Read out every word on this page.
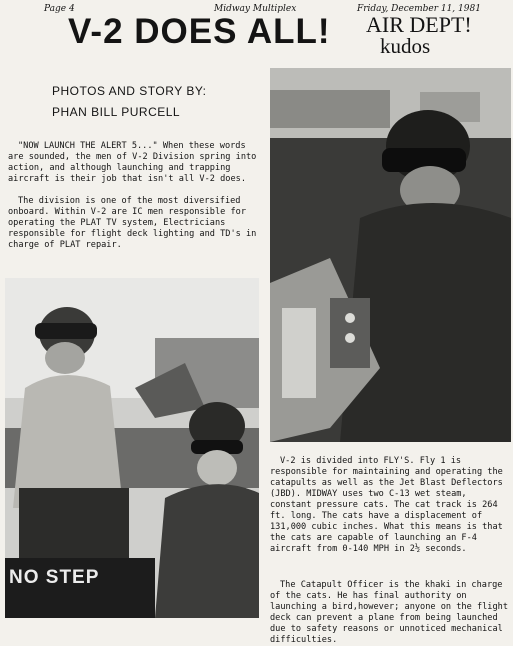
Page 4	Midway Multiplex	Friday, December 11, 1981
V-2 DOES ALL! AIR DEPT!
kudos
PHOTOS AND STORY BY:
PHAN BILL PURCELL

"NOW LAUNCH THE ALERT 5..." When these words are sounded, the men of V-2 Division spring into action, and although launching and trapping aircraft is their job that isn't all V-2 does.

The division is one of the most diversified onboard. Within V-2 are IC men responsible for operating the PLAT TV system, Electricians responsible for flight deck lighting and TD's in charge of PLAT repair.

NO STEP

V-2 is divided into FLY'S. Fly 1 is responsible for maintaining and operating the catapults as well as the Jet Blast Deflectors (JBD). MIDWAY uses two C-13 wet steam, constant pressure cats. The cat track is 264 ft. long. The cats have a displacement of 131,000 cubic inches. What this means is that the cats are capable of launching an F-4 aircraft from 0-140 MPH in 2½ seconds.

The Catapult Officer is the khaki in charge of the cats. He has final authority on launching a bird,however; anyone on the flight deck can prevent a plane from being launched due to safety reasons or unnoticed mechanical difficulties.
